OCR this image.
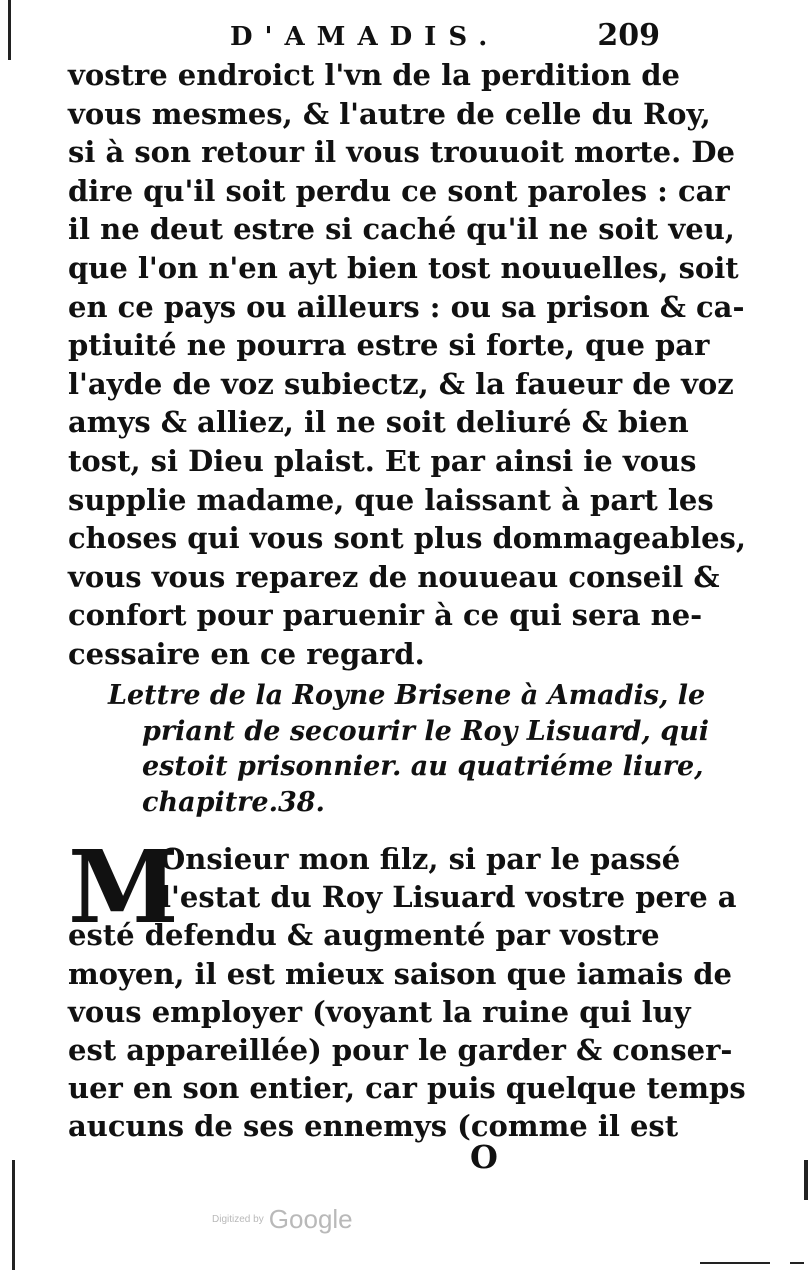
D'AMADIS.	209
vostre endroict l'vn de la perdition de
vous mesmes, & l'autre de celle du Roy,
si à son retour il vous trouuoit morte. De
dire qu'il soit perdu ce sont paroles : car
il ne deut estre si caché qu'il ne soit veu,
que l'on n'en ayt bien tost nouuelles, soit
en ce pays ou ailleurs : ou sa prison & ca-
ptiuité ne pourra estre si forte, que par
l'ayde de voz subiectz, & la faueur de voz
amys & alliez, il ne soit deliuré & bien
tost, si Dieu plaist. Et par ainsi ie vous
supplie madame, que laissant à part les
choses qui vous sont plus dommageables,
vous vous reparez de nouueau conseil &
confort pour paruenir à ce qui sera ne-
cessaire en ce regard.
Lettre de la Royne Brisene à Amadis, le
priant de secourir le Roy Lisuard, qui
estoit prisonnier. au quatriéme liure,
chapitre.38.
M
Onsieur mon filz, si par le passé
l'estat du Roy Lisuard vostre pere a
esté defendu & augmenté par vostre
moyen, il est mieux saison que iamais de
vous employer (voyant la ruine qui luy
est appareillée) pour le garder & conser-
uer en son entier, car puis quelque temps
aucuns de ses ennemys (comme il est
O
Digitized by Google
